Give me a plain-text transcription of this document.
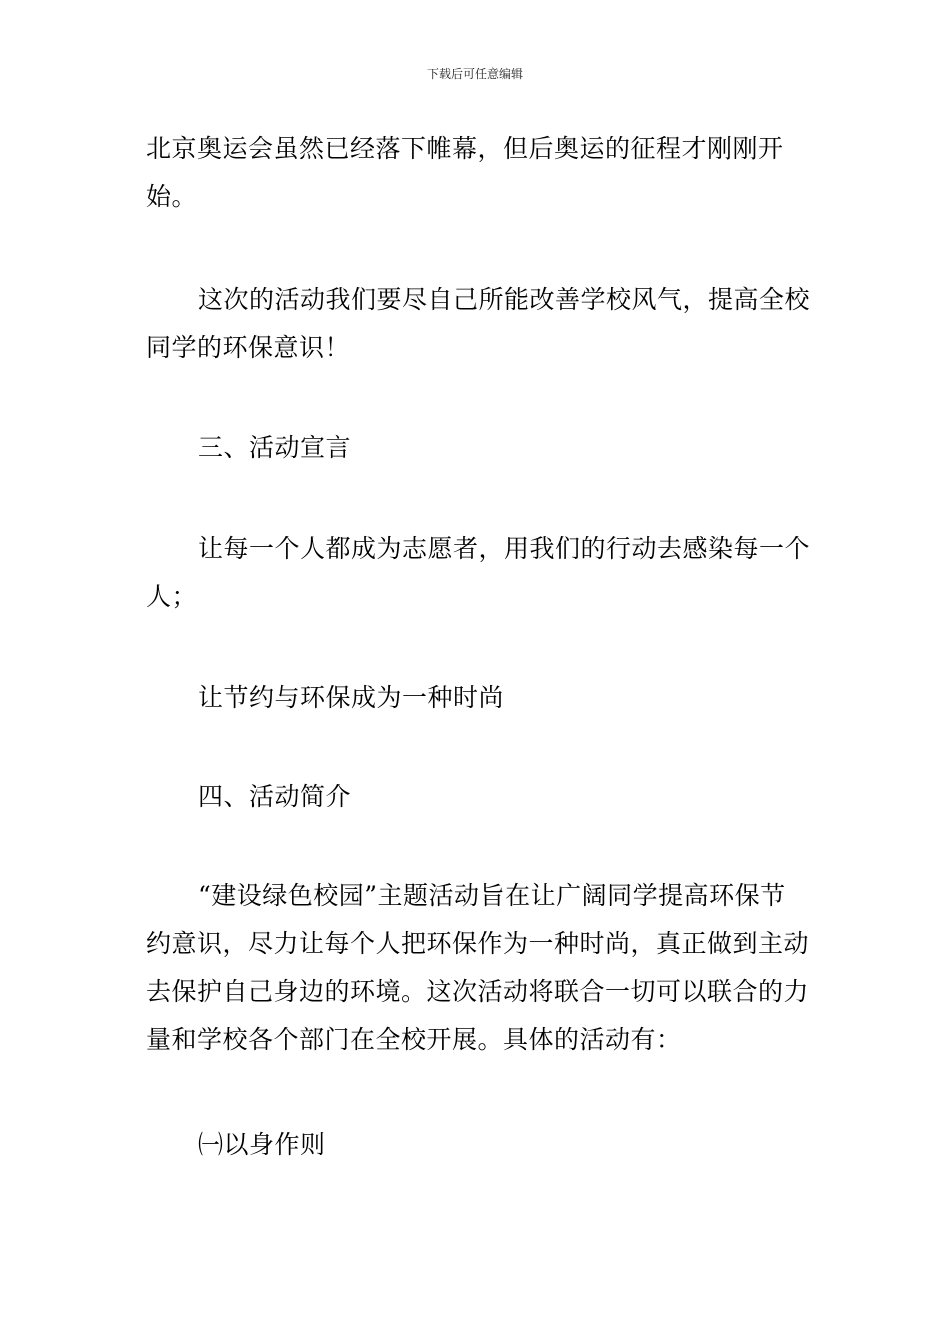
下载后可任意编辑

北京奥运会虽然已经落下帷幕，但后奥运的征程才刚刚开始。

这次的活动我们要尽自己所能改善学校风气，提高全校同学的环保意识！

三、活动宣言

让每一个人都成为志愿者，用我们的行动去感染每一个人；

让节约与环保成为一种时尚

四、活动简介

“建设绿色校园”主题活动旨在让广阔同学提高环保节约意识，尽力让每个人把环保作为一种时尚，真正做到主动去保护自己身边的环境。这次活动将联合一切可以联合的力量和学校各个部门在全校开展。具体的活动有：

㈠以身作则
